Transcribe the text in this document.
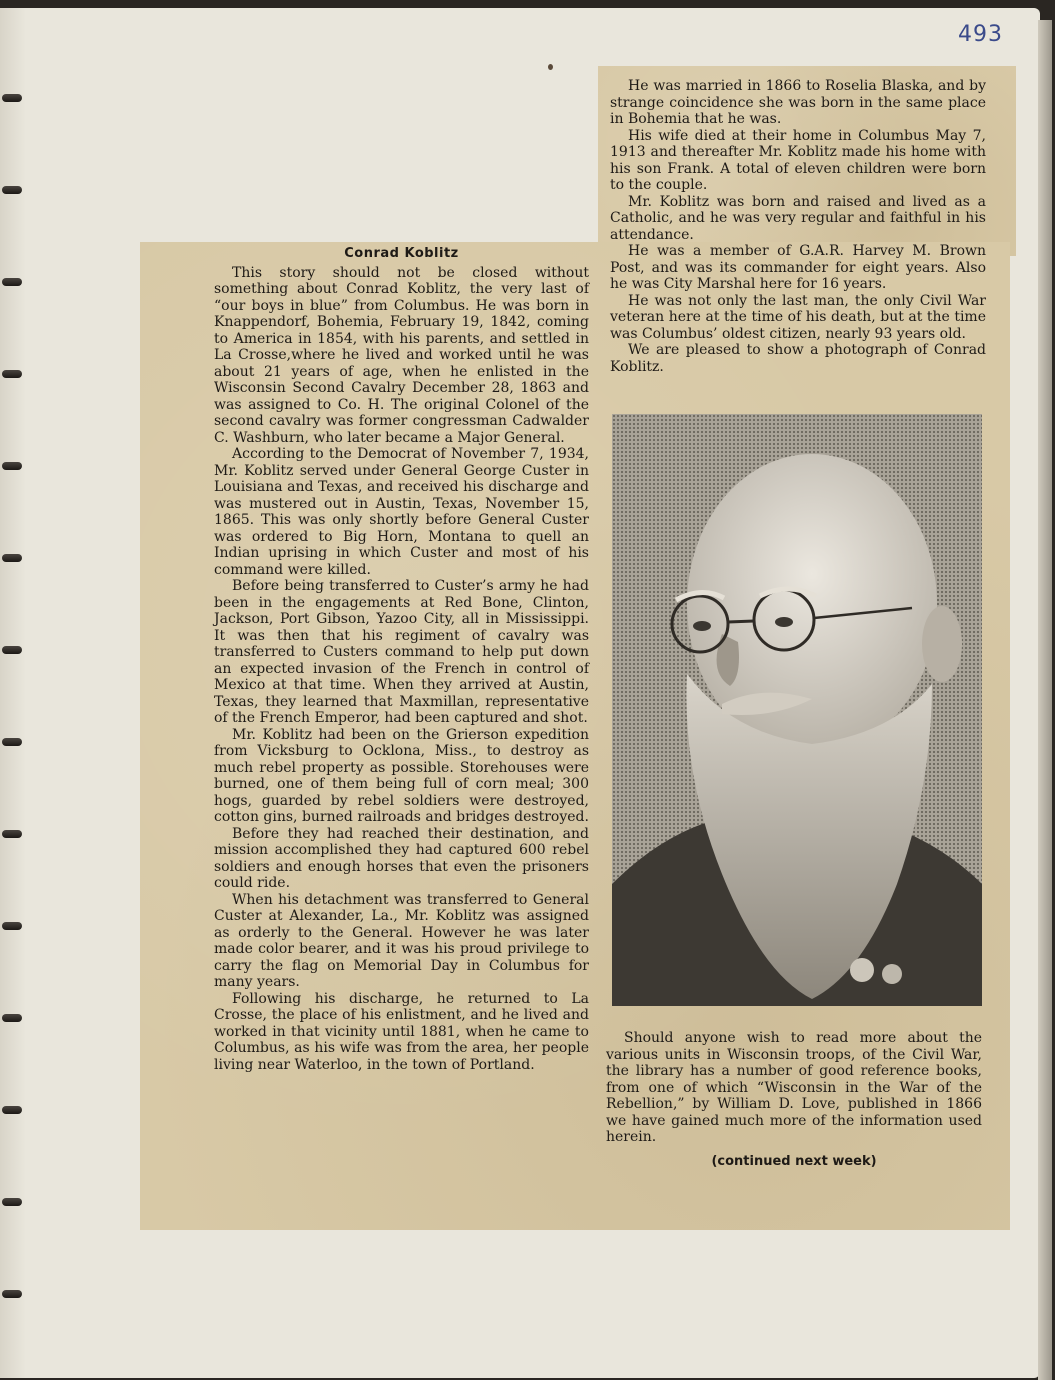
493
Conrad Koblitz

This story should not be closed without something about Conrad Koblitz, the very last of “our boys in blue” from Columbus. He was born in Knappendorf, Bohemia, February 19, 1842, coming to America in 1854, with his parents, and settled in La Crosse,where he lived and worked until he was about 21 years of age, when he enlisted in the Wisconsin Second Cavalry December 28, 1863 and was assigned to Co. H. The original Colonel of the second cavalry was former congressman Cadwalder C. Washburn, who later became a Major General.

According to the Democrat of November 7, 1934, Mr. Koblitz served under General George Custer in Louisiana and Texas, and received his discharge and was mustered out in Austin, Texas, November 15, 1865. This was only shortly before General Custer was ordered to Big Horn, Montana to quell an Indian uprising in which Custer and most of his command were killed.

Before being transferred to Custer’s army he had been in the engagements at Red Bone, Clinton, Jackson, Port Gibson, Yazoo City, all in Mississippi. It was then that his regiment of cavalry was transferred to Custers command to help put down an expected invasion of the French in control of Mexico at that time. When they arrived at Austin, Texas, they learned that Maxmillan, representative of the French Emperor, had been captured and shot.

Mr. Koblitz had been on the Grierson expedition from Vicksburg to Ocklona, Miss., to destroy as much rebel property as possible. Storehouses were burned, one of them being full of corn meal; 300 hogs, guarded by rebel soldiers were destroyed, cotton gins, burned railroads and bridges destroyed.

Before they had reached their destination, and mission accomplished they had captured 600 rebel soldiers and enough horses that even the prisoners could ride.

When his detachment was transferred to General Custer at Alexander, La., Mr. Koblitz was assigned as orderly to the General. However he was later made color bearer, and it was his proud privilege to carry the flag on Memorial Day in Columbus for many years.

Following his discharge, he returned to La Crosse, the place of his enlistment, and he lived and worked in that vicinity until 1881, when he came to Columbus, as his wife was from the area, her people living near Waterloo, in the town of Portland.

He was married in 1866 to Roselia Blaska, and by strange coincidence she was born in the same place in Bohemia that he was.

His wife died at their home in Columbus May 7, 1913 and thereafter Mr. Koblitz made his home with his son Frank. A total of eleven children were born to the couple.

Mr. Koblitz was born and raised and lived as a Catholic, and he was very regular and faithful in his attendance.

He was a member of G.A.R. Harvey M. Brown Post, and was its commander for eight years. Also he was City Marshal here for 16 years.

He was not only the last man, the only Civil War veteran here at the time of his death, but at the time was Columbus’ oldest citizen, nearly 93 years old.

We are pleased to show a photograph of Conrad Koblitz.

Should anyone wish to read more about the various units in Wisconsin troops, of the Civil War, the library has a number of good reference books, from one of which “Wisconsin in the War of the Rebellion,” by William D. Love, published in 1866 we have gained much more of the information used herein.

(continued next week)
